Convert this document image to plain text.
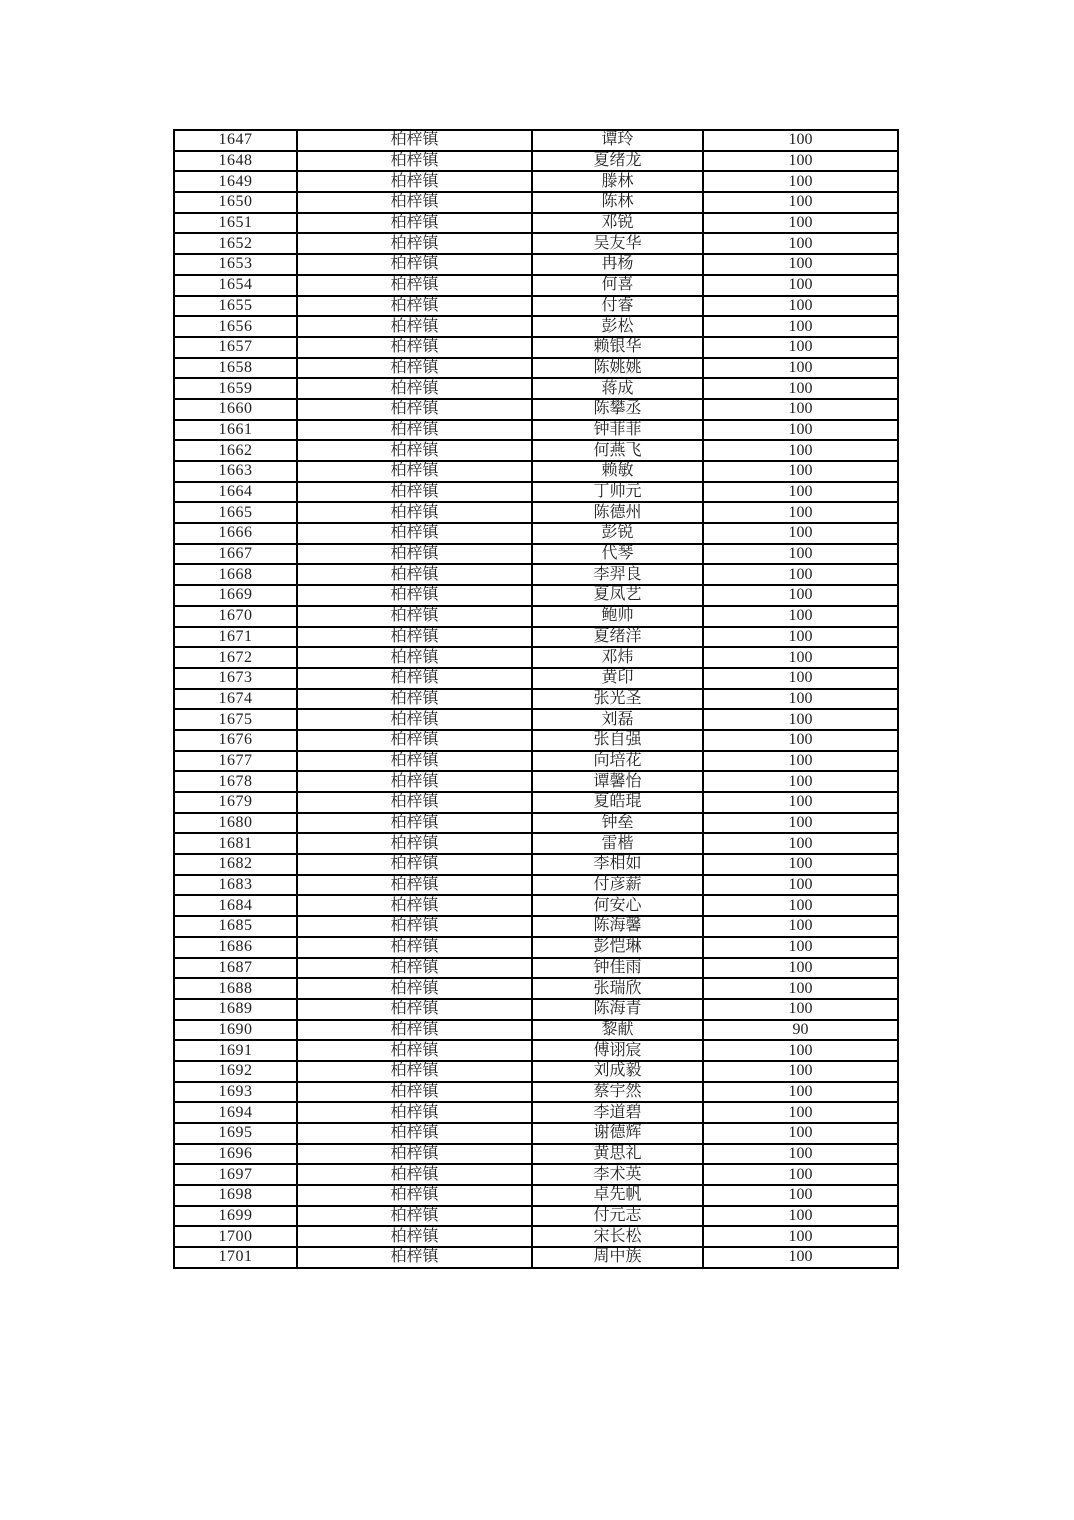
1647	柏梓镇	谭玲	100
1648	柏梓镇	夏绪龙	100
1649	柏梓镇	滕林	100
1650	柏梓镇	陈林	100
1651	柏梓镇	邓锐	100
1652	柏梓镇	吴友华	100
1653	柏梓镇	冉杨	100
1654	柏梓镇	何喜	100
1655	柏梓镇	付睿	100
1656	柏梓镇	彭松	100
1657	柏梓镇	赖银华	100
1658	柏梓镇	陈姚姚	100
1659	柏梓镇	蒋成	100
1660	柏梓镇	陈攀丞	100
1661	柏梓镇	钟菲菲	100
1662	柏梓镇	何燕飞	100
1663	柏梓镇	赖敏	100
1664	柏梓镇	丁帅元	100
1665	柏梓镇	陈德州	100
1666	柏梓镇	彭锐	100
1667	柏梓镇	代琴	100
1668	柏梓镇	李羿良	100
1669	柏梓镇	夏凤艺	100
1670	柏梓镇	鲍帅	100
1671	柏梓镇	夏绪洋	100
1672	柏梓镇	邓炜	100
1673	柏梓镇	黄印	100
1674	柏梓镇	张光圣	100
1675	柏梓镇	刘磊	100
1676	柏梓镇	张自强	100
1677	柏梓镇	向培花	100
1678	柏梓镇	谭馨怡	100
1679	柏梓镇	夏皓琨	100
1680	柏梓镇	钟垒	100
1681	柏梓镇	雷楷	100
1682	柏梓镇	李相如	100
1683	柏梓镇	付彦薪	100
1684	柏梓镇	何安心	100
1685	柏梓镇	陈海馨	100
1686	柏梓镇	彭恺琳	100
1687	柏梓镇	钟佳雨	100
1688	柏梓镇	张瑞欣	100
1689	柏梓镇	陈海青	100
1690	柏梓镇	黎献	90
1691	柏梓镇	傅诩宸	100
1692	柏梓镇	刘成毅	100
1693	柏梓镇	蔡宇然	100
1694	柏梓镇	李道碧	100
1695	柏梓镇	谢德辉	100
1696	柏梓镇	黄思礼	100
1697	柏梓镇	李术英	100
1698	柏梓镇	卓先帆	100
1699	柏梓镇	付元志	100
1700	柏梓镇	宋长松	100
1701	柏梓镇	周中族	100
